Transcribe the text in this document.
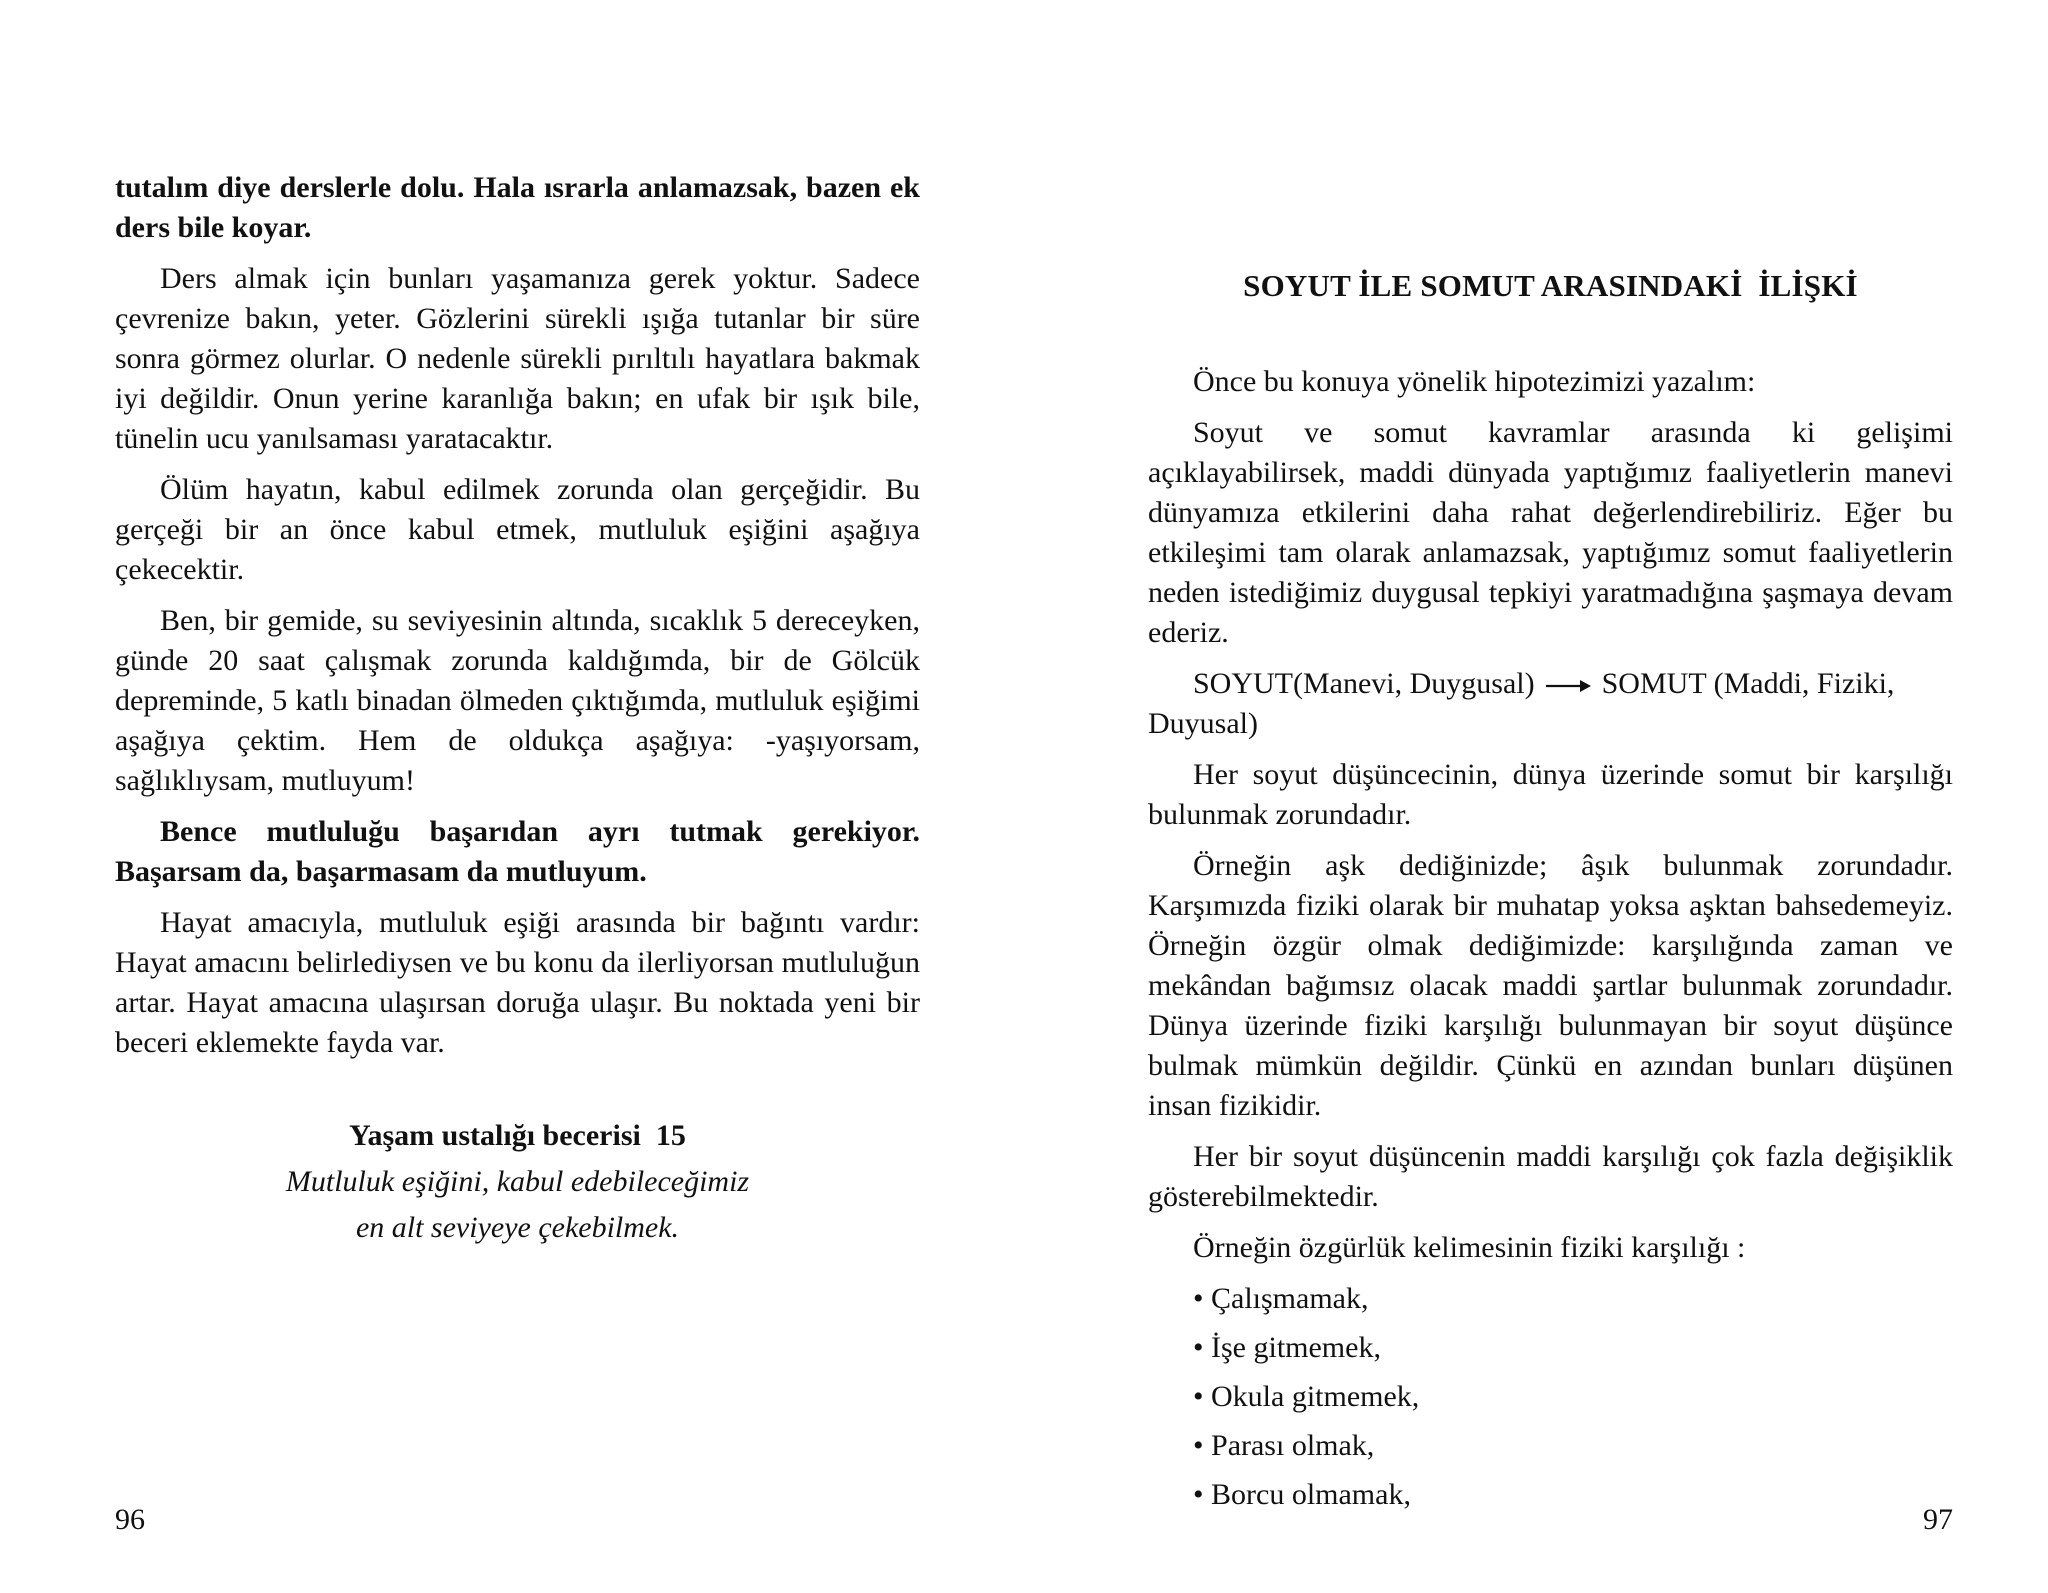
tutalım diye derslerle dolu. Hala ısrarla anlamazsak, bazen ek ders bile koyar.

Ders almak için bunları yaşamanıza gerek yoktur. Sadece çevrenize bakın, yeter. Gözlerini sürekli ışığa tutanlar bir süre sonra görmez olurlar. O nedenle sürekli pırıltılı hayatlara bakmak iyi değildir. Onun yerine karanlığa bakın; en ufak bir ışık bile, tünelin ucu yanılsaması yaratacaktır.

Ölüm hayatın, kabul edilmek zorunda olan gerçeğidir. Bu gerçeği bir an önce kabul etmek, mutluluk eşiğini aşağıya çekecektir.

Ben, bir gemide, su seviyesinin altında, sıcaklık 5 dereceyken, günde 20 saat çalışmak zorunda kaldığımda, bir de Gölcük depreminde, 5 katlı binadan ölmeden çıktığımda, mutluluk eşiğimi aşağıya çektim. Hem de oldukça aşağıya: -yaşıyorsam, sağlıklıysam, mutluyum!

Bence mutluluğu başarıdan ayrı tutmak gerekiyor. Başarsam da, başarmasam da mutluyum.

Hayat amacıyla, mutluluk eşiği arasında bir bağıntı vardır: Hayat amacını belirlediysen ve bu konu da ilerliyorsan mutluluğun artar. Hayat amacına ulaşırsan doruğa ulaşır. Bu noktada yeni bir beceri eklemekte fayda var.

Yaşam ustalığı becerisi  15
Mutluluk eşiğini, kabul edebileceğimiz
en alt seviyeye çekebilmek.
96
SOYUT İLE SOMUT ARASINDAKİ  İLİŞKİ

Önce bu konuya yönelik hipotezimizi yazalım:

Soyut ve somut kavramlar arasında ki gelişimi açıklayabilirsek, maddi dünyada yaptığımız faaliyetlerin manevi dünyamıza etkilerini daha rahat değerlendirebiliriz. Eğer bu etkileşimi tam olarak anlamazsak, yaptığımız somut faaliyetlerin neden istediğimiz duygusal tepkiyi yaratmadığına şaşmaya devam ederiz.

SOYUT(Manevi, Duygusal) SOMUT (Maddi, Fiziki, Duyusal)

Her soyut düşüncecinin, dünya üzerinde somut bir karşılığı bulunmak zorundadır.

Örneğin aşk dediğinizde; âşık bulunmak zorundadır. Karşımızda fiziki olarak bir muhatap yoksa aşktan bahsedemeyiz. Örneğin özgür olmak dediğimizde: karşılığında zaman ve mekândan bağımsız olacak maddi şartlar bulunmak zorundadır. Dünya üzerinde fiziki karşılığı bulunmayan bir soyut düşünce bulmak mümkün değildir. Çünkü en azından bunları düşünen insan fizikidir.

Her bir soyut düşüncenin maddi karşılığı çok fazla değişiklik gösterebilmektedir.

Örneğin özgürlük kelimesinin fiziki karşılığı :

• Çalışmamak,

• İşe gitmemek,

• Okula gitmemek,

• Parası olmak,

• Borcu olmamak,

97
